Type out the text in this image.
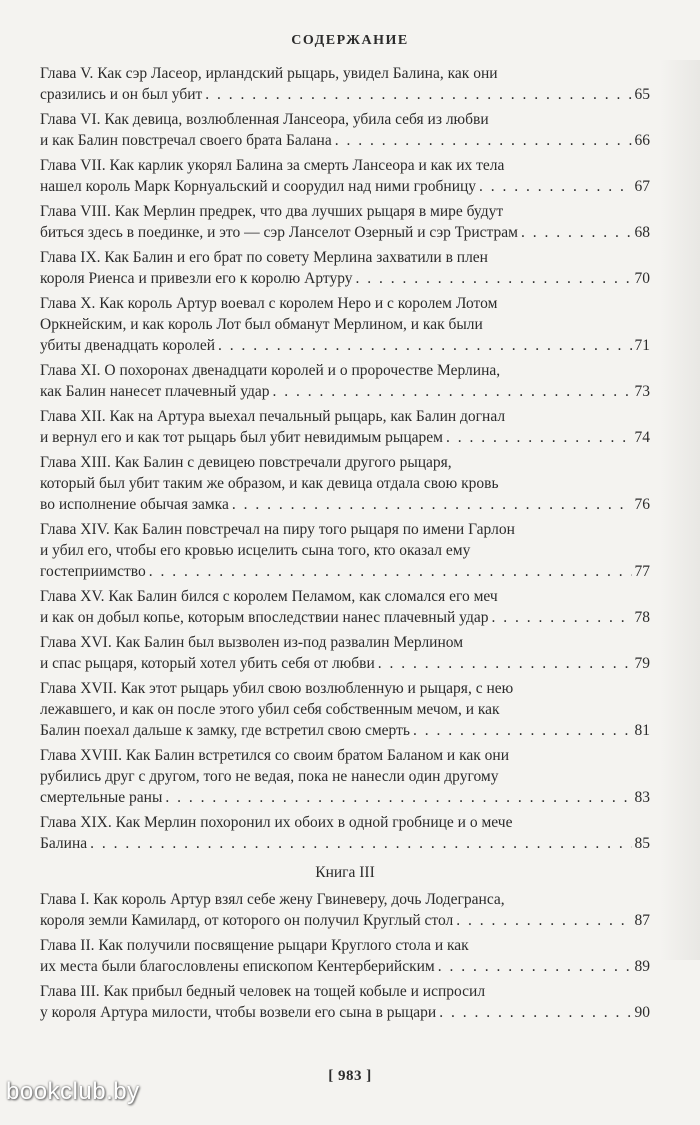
СОДЕРЖАНИЕ
Глава V. Как сэр Ласеор, ирландский рыцарь, увидел Балина, как они
сразились и он был убит . . .	65
Глава VI. Как девица, возлюбленная Лансеора, убила себя из любви
и как Балин повстречал своего брата Балана . . .	66
Глава VII. Как карлик укорял Балина за смерть Лансеора и как их тела
нашел король Марк Корнуальский и соорудил над ними гробницу . . .	67
Глава VIII. Как Мерлин предрек, что два лучших рыцаря в мире будут
биться здесь в поединке, и это — сэр Ланселот Озерный и сэр Тристрам . . .	68
Глава IX. Как Балин и его брат по совету Мерлина захватили в плен
короля Риенса и привезли его к королю Артуру . . .	70
Глава X. Как король Артур воевал с королем Неро и с королем Лотом
Оркнейским, и как король Лот был обманут Мерлином, и как были
убиты двенадцать королей . . .	71
Глава XI. О похоронах двенадцати королей и о пророчестве Мерлина,
как Балин нанесет плачевный удар . . .	73
Глава XII. Как на Артура выехал печальный рыцарь, как Балин догнал
и вернул его и как тот рыцарь был убит невидимым рыцарем . . .	74
Глава XIII. Как Балин с девицею повстречали другого рыцаря,
который был убит таким же образом, и как девица отдала свою кровь
во исполнение обычая замка . . .	76
Глава XIV. Как Балин повстречал на пиру того рыцаря по имени Гарлон
и убил его, чтобы его кровью исцелить сына того, кто оказал ему
гостеприимство . . .	77
Глава XV. Как Балин бился с королем Пеламом, как сломался его меч
и как он добыл копье, которым впоследствии нанес плачевный удар . . .	78
Глава XVI. Как Балин был вызволен из-под развалин Мерлином
и спас рыцаря, который хотел убить себя от любви . . .	79
Глава XVII. Как этот рыцарь убил свою возлюбленную и рыцаря, с нею
лежавшего, и как он после этого убил себя собственным мечом, и как
Балин поехал дальше к замку, где встретил свою смерть . . .	81
Глава XVIII. Как Балин встретился со своим братом Баланом и как они
рубились друг с другом, того не ведая, пока не нанесли один другому
смертельные раны . . .	83
Глава XIX. Как Мерлин похоронил их обоих в одной гробнице и о мече
Балина . . .	85
Книга III
Глава I. Как король Артур взял себе жену Гвиневеру, дочь Лодегранса,
короля земли Камилард, от которого он получил Круглый стол . . .	87
Глава II. Как получили посвящение рыцари Круглого стола и как
их места были благословлены епископом Кентерберийским . . .	89
Глава III. Как прибыл бедный человек на тощей кобыле и испросил
у короля Артура милости, чтобы возвели его сына в рыцари . . .	90
[ 983 ]
bookclub.by
